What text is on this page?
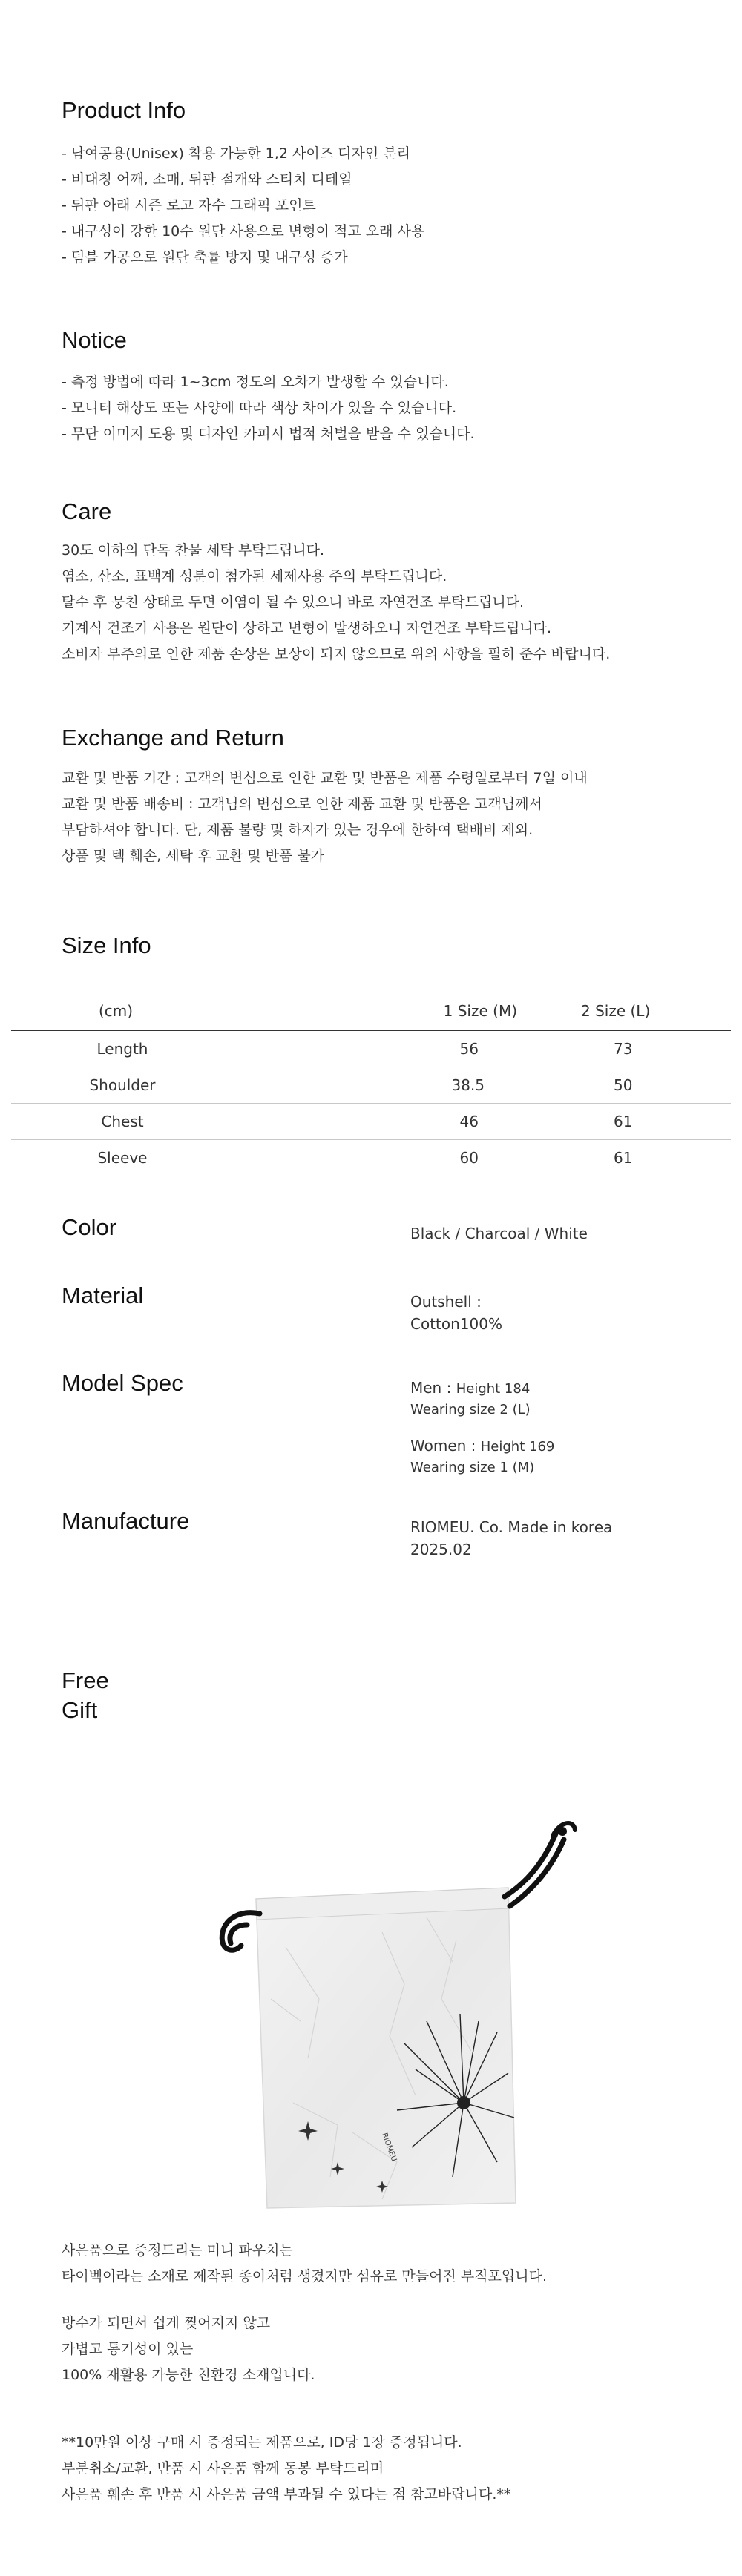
Product Info
- 남여공용(Unisex) 착용 가능한 1,2 사이즈 디자인 분리
- 비대칭 어깨, 소매, 뒤판 절개와 스티치 디테일
- 뒤판 아래 시즌 로고 자수 그래픽 포인트
- 내구성이 강한 10수 원단 사용으로 변형이 적고 오래 사용
- 덤블 가공으로 원단 축률 방지 및 내구성 증가
Notice
- 측정 방법에 따라 1~3cm 정도의 오차가 발생할 수 있습니다.
- 모니터 해상도 또는 사양에 따라 색상 차이가 있을 수 있습니다.
- 무단 이미지 도용 및 디자인 카피시 법적 처벌을 받을 수 있습니다.
Care
30도 이하의 단독 찬물 세탁 부탁드립니다.
염소, 산소, 표백계 성분이 첨가된 세제사용 주의 부탁드립니다.
탈수 후 뭉친 상태로 두면 이염이 될 수 있으니 바로 자연건조 부탁드립니다.
기계식 건조기 사용은 원단이 상하고 변형이 발생하오니 자연건조 부탁드립니다.
소비자 부주의로 인한 제품 손상은 보상이 되지 않으므로 위의 사항을 필히 준수 바랍니다.
Exchange and Return
교환 및 반품 기간 : 고객의 변심으로 인한 교환 및 반품은 제품 수령일로부터 7일 이내
교환 및 반품 배송비 : 고객님의 변심으로 인한 제품 교환 및 반품은 고객님께서
부담하셔야 합니다. 단, 제품 불량 및 하자가 있는 경우에 한하여 택배비 제외.
상품 및 텍 훼손, 세탁 후 교환 및 반품 불가
Size Info
(cm)	1 Size (M)	2 Size (L)
Length	56	73
Shoulder	38.5	50
Chest	46	61
Sleeve	60	61
Color	Black / Charcoal / White
Material	Outshell :
Cotton100%
Model Spec	Men : Height 184
Wearing size 2 (L)
Women : Height 169
Wearing size 1 (M)
Manufacture	RIOMEU. Co. Made in korea
2025.02
Free
Gift
RIOMEU
사은품으로 증정드리는 미니 파우치는
타이벡이라는 소재로 제작된 종이처럼 생겼지만 섬유로 만들어진 부직포입니다.
방수가 되면서 쉽게 찢어지지 않고
가볍고 통기성이 있는
100% 재활용 가능한 친환경 소재입니다.
**10만원 이상 구매 시 증정되는 제품으로, ID당 1장 증정됩니다.
부분취소/교환, 반품 시 사은품 함께 동봉 부탁드리며
사은품 훼손 후 반품 시 사은품 금액 부과될 수 있다는 점 참고바랍니다.**
